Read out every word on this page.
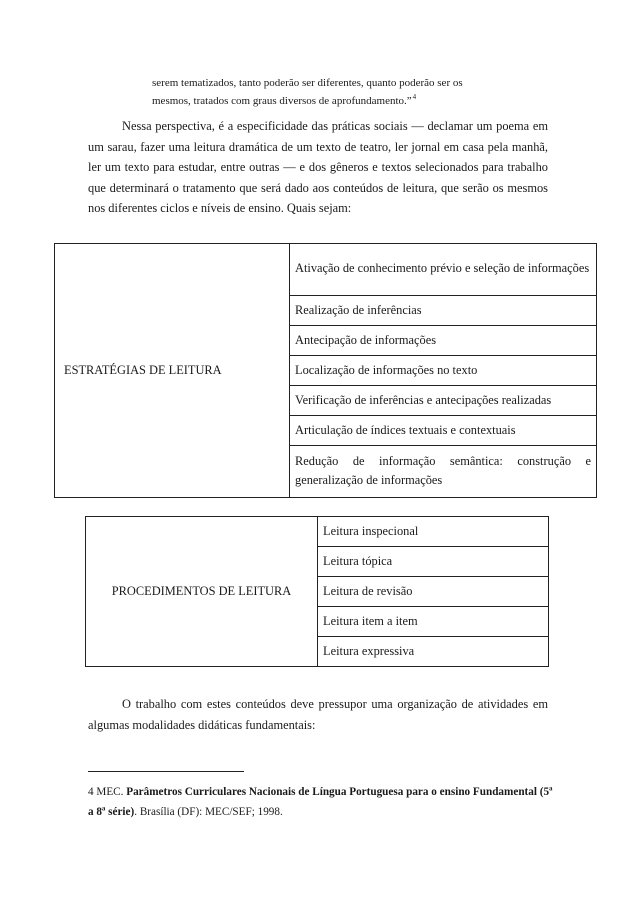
serem tematizados, tanto poderão ser diferentes, quanto poderão ser os
mesmos, tratados com graus diversos de aprofundamento.”$^4$
Nessa perspectiva, é a especificidade das práticas sociais — declamar um poema em um sarau, fazer uma leitura dramática de um texto de teatro, ler jornal em casa pela manhã, ler um texto para estudar, entre outras — e dos gêneros e textos selecionados para trabalho que determinará o tratamento que será dado aos conteúdos de leitura, que serão os mesmos nos diferentes ciclos e níveis de ensino. Quais sejam:
ESTRATÉGIAS DE LEITURA	Ativação de conhecimento prévio e seleção de informações
Realização de inferências
Antecipação de informações
Localização de informações no texto
Verificação de inferências e antecipações realizadas
Articulação de índices textuais e contextuais
Redução de informação semântica: construção e generalização de informações
PROCEDIMENTOS DE LEITURA	Leitura inspecional
Leitura tópica
Leitura de revisão
Leitura item a item
Leitura expressiva
O trabalho com estes conteúdos deve pressupor uma organização de atividades em algumas modalidades didáticas fundamentais:
4 MEC. Parâmetros Curriculares Nacionais de Língua Portuguesa para o ensino Fundamental (5ª a 8ª série). Brasília (DF): MEC/SEF; 1998.
